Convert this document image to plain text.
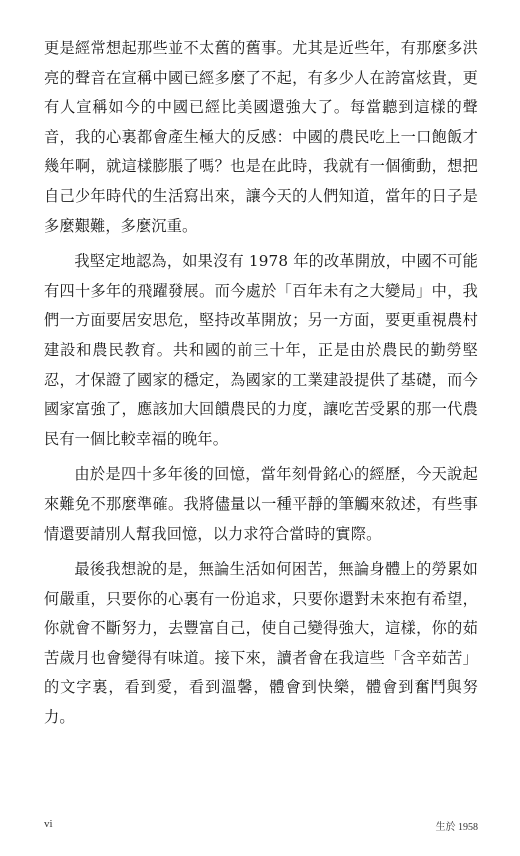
更是經常想起那些並不太舊的舊事。尤其是近些年，有那麼多洪亮的聲音在宣稱中國已經多麼了不起，有多少人在誇富炫貴，更有人宣稱如今的中國已經比美國還強大了。每當聽到這樣的聲音，我的心裏都會產生極大的反感：中國的農民吃上一口飽飯才幾年啊，就這樣膨脹了嗎？也是在此時，我就有一個衝動，想把自己少年時代的生活寫出來，讓今天的人們知道，當年的日子是多麼艱難，多麼沉重。

我堅定地認為，如果沒有 1978 年的改革開放，中國不可能有四十多年的飛躍發展。而今處於「百年未有之大變局」中，我們一方面要居安思危，堅持改革開放；另一方面，要更重視農村建設和農民教育。共和國的前三十年，正是由於農民的勤勞堅忍，才保證了國家的穩定，為國家的工業建設提供了基礎，而今國家富強了，應該加大回饋農民的力度，讓吃苦受累的那一代農民有一個比較幸福的晚年。

由於是四十多年後的回憶，當年刻骨銘心的經歷，今天說起來難免不那麼準確。我將儘量以一種平靜的筆觸來敘述，有些事情還要請別人幫我回憶，以力求符合當時的實際。

最後我想說的是，無論生活如何困苦，無論身體上的勞累如何嚴重，只要你的心裏有一份追求，只要你還對未來抱有希望，你就會不斷努力，去豐富自己，使自己變得強大，這樣，你的茹苦歲月也會變得有味道。接下來，讀者會在我這些「含辛茹苦」的文字裏，看到愛，看到溫馨，體會到快樂，體會到奮鬥與努力。

vi	生於 1958
